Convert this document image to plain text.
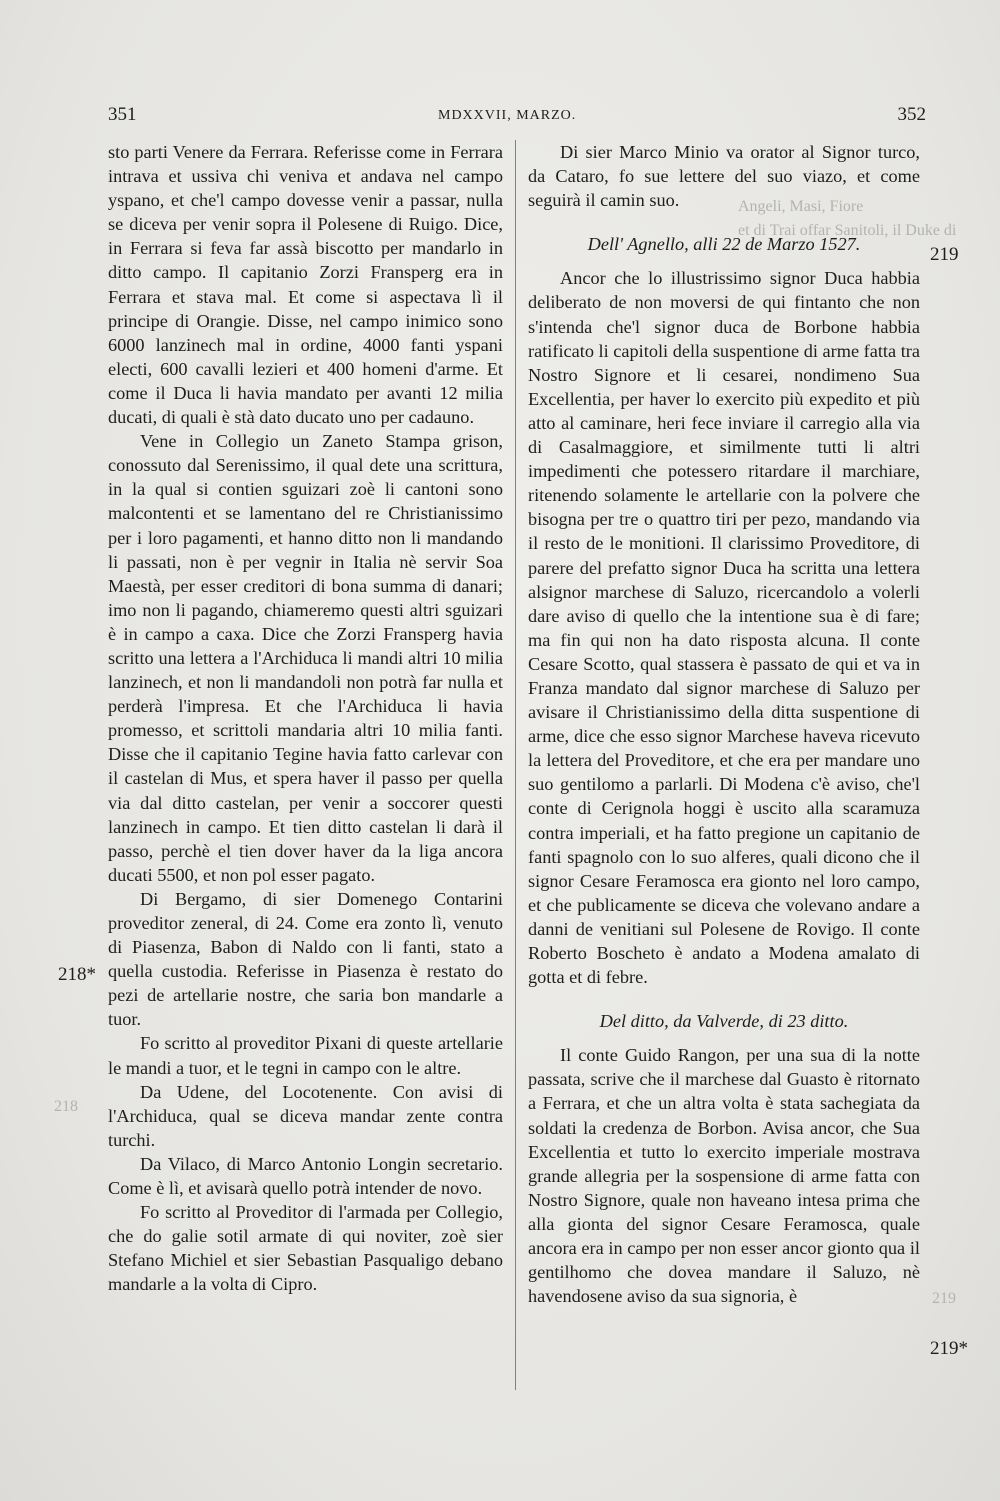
351	MDXXVII, MARZO.	352
Angeli, Masi, Fiore
et di Trai offar Sanitoli, il Duke di
219
218
218*
219
219*

sto parti Venere da Ferrara. Referisse come in Ferrara intrava et ussiva chi veniva et andava nel campo yspano, et che'l campo dovesse venir a passar, nulla se diceva per venir sopra il Polesene di Ruigo. Dice, in Ferrara si feva far assà biscotto per mandarlo in ditto campo. Il capitanio Zorzi Fransperg era in Ferrara et stava mal. Et come si aspectava lì il principe di Orangie. Disse, nel campo inimico sono 6000 lanzinech mal in ordine, 4000 fanti yspani electi, 600 cavalli lezieri et 400 homeni d'arme. Et come il Duca li havia mandato per avanti 12 milia ducati, di quali è stà dato ducato uno per cadauno.

Vene in Collegio un Zaneto Stampa grison, conossuto dal Serenissimo, il qual dete una scrittura, in la qual si contien sguizari zoè li cantoni sono malcontenti et se lamentano del re Christianissimo per i loro pagamenti, et hanno ditto non li mandando li passati, non è per vegnir in Italia nè servir Soa Maestà, per esser creditori di bona summa di danari; imo non li pagando, chiameremo questi altri sguizari è in campo a caxa. Dice che Zorzi Fransperg havia scritto una lettera a l'Archiduca li mandi altri 10 milia lanzinech, et non li mandandoli non potrà far nulla et perderà l'impresa. Et che l'Archiduca li havia promesso, et scrittoli mandaria altri 10 milia fanti. Disse che il capitanio Tegine havia fatto carlevar con il castelan di Mus, et spera haver il passo per quella via dal ditto castelan, per venir a soccorer questi lanzinech in campo. Et tien ditto castelan li darà il passo, perchè el tien dover haver da la liga ancora ducati 5500, et non pol esser pagato.

Di Bergamo, di sier Domenego Contarini proveditor zeneral, di 24. Come era zonto lì, venuto di Piasenza, Babon di Naldo con li fanti, stato a quella custodia. Referisse in Piasenza è restato do pezi de artellarie nostre, che saria bon mandarle a tuor.

Fo scritto al proveditor Pixani di queste artellarie le mandi a tuor, et le tegni in campo con le altre.

Da Udene, del Locotenente. Con avisi di l'Archiduca, qual se diceva mandar zente contra turchi.

Da Vilaco, di Marco Antonio Longin secretario. Come è lì, et avisarà quello potrà intender de novo.

Fo scritto al Proveditor di l'armada per Collegio, che do galie sotil armate di qui noviter, zoè sier Stefano Michiel et sier Sebastian Pasqualigo debano mandarle a la volta di Cipro.

Di sier Marco Minio va orator al Signor turco, da Cataro, fo sue lettere del suo viazo, et come seguirà il camin suo.

Dell' Agnello, alli 22 de Marzo 1527.

Ancor che lo illustrissimo signor Duca habbia deliberato de non moversi de qui fintanto che non s'intenda che'l signor duca de Borbone habbia ratificato li capitoli della suspentione di arme fatta tra Nostro Signore et li cesarei, nondimeno Sua Excellentia, per haver lo exercito più expedito et più atto al caminare, heri fece inviare il carregio alla via di Casalmaggiore, et similmente tutti li altri impedimenti che potessero ritardare il marchiare, ritenendo solamente le artellarie con la polvere che bisogna per tre o quattro tiri per pezo, mandando via il resto de le monitioni. Il clarissimo Proveditore, di parere del prefatto signor Duca ha scritta una lettera alsignor marchese di Saluzo, ricercandolo a volerli dare aviso di quello che la intentione sua è di fare; ma fin qui non ha dato risposta alcuna. Il conte Cesare Scotto, qual stassera è passato de qui et va in Franza mandato dal signor marchese di Saluzo per avisare il Christianissimo della ditta suspentione di arme, dice che esso signor Marchese haveva ricevuto la lettera del Proveditore, et che era per mandare uno suo gentilomo a parlarli. Di Modena c'è aviso, che'l conte di Cerignola hoggi è uscito alla scaramuza contra imperiali, et ha fatto pregione un capitanio de fanti spagnolo con lo suo alferes, quali dicono che il signor Cesare Feramosca era gionto nel loro campo, et che publicamente se diceva che volevano andare a danni de venitiani sul Polesene de Rovigo. Il conte Roberto Boscheto è andato a Modena amalato di gotta et di febre.

Del ditto, da Valverde, di 23 ditto.

Il conte Guido Rangon, per una sua di la notte passata, scrive che il marchese dal Guasto è ritornato a Ferrara, et che un altra volta è stata sachegiata da soldati la credenza de Borbon. Avisa ancor, che Sua Excellentia et tutto lo exercito imperiale mostrava grande allegria per la sospensione di arme fatta con Nostro Signore, quale non haveano intesa prima che alla gionta del signor Cesare Feramosca, quale ancora era in campo per non esser ancor gionto qua il gentilhomo che dovea mandare il Saluzo, nè havendosene aviso da sua signoria, è
